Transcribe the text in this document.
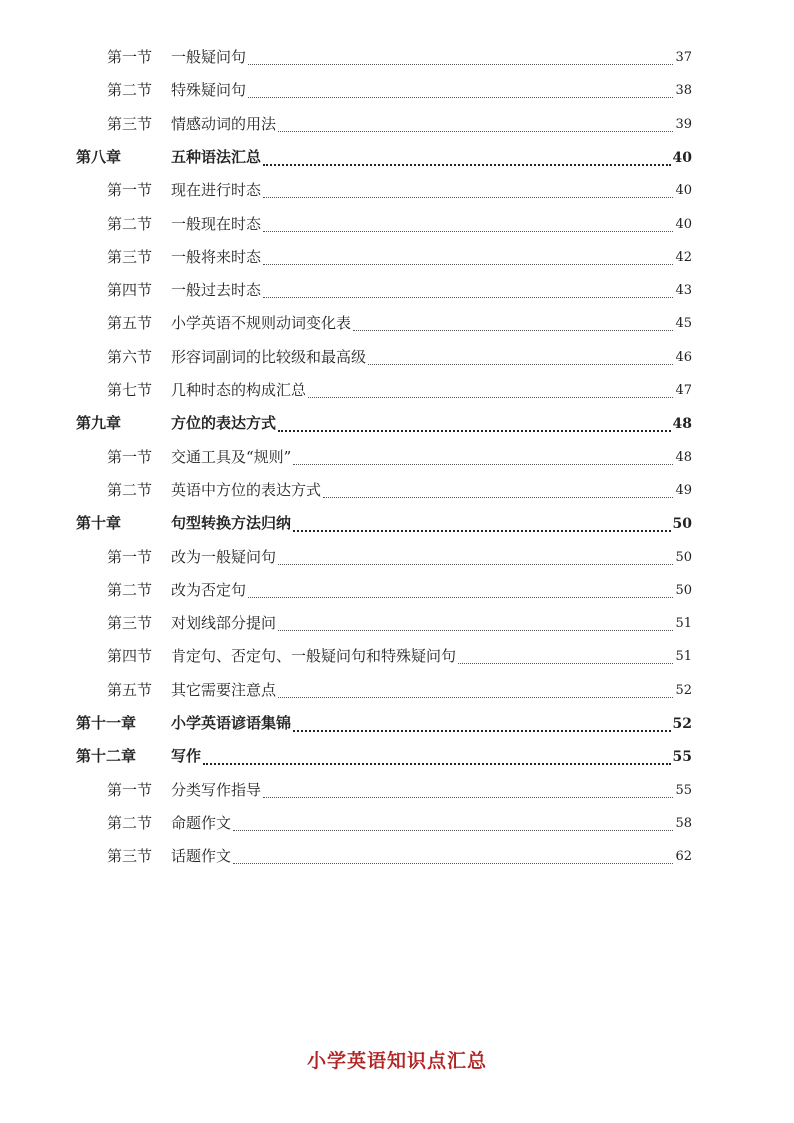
第一节 一般疑问句	37
第二节 特殊疑问句	38
第三节 情感动词的用法	39
第八章	五种语法汇总	40
第一节 现在进行时态	40
第二节 一般现在时态	40
第三节 一般将来时态	42
第四节 一般过去时态	43
第五节 小学英语不规则动词变化表	45
第六节 形容词副词的比较级和最高级	46
第七节 几种时态的构成汇总	47
第九章	方位的表达方式	48
第一节 交通工具及“规则”	48
第二节 英语中方位的表达方式	49
第十章	句型转换方法归纳	50
第一节 改为一般疑问句	50
第二节 改为否定句	50
第三节 对划线部分提问	51
第四节 肯定句、否定句、一般疑问句和特殊疑问句	51
第五节 其它需要注意点	52
第十一章 小学英语谚语集锦	52
第十二章 写作	55
第一节 分类写作指导	55
第二节 命题作文	58
第三节 话题作文	62
小学英语知识点汇总
